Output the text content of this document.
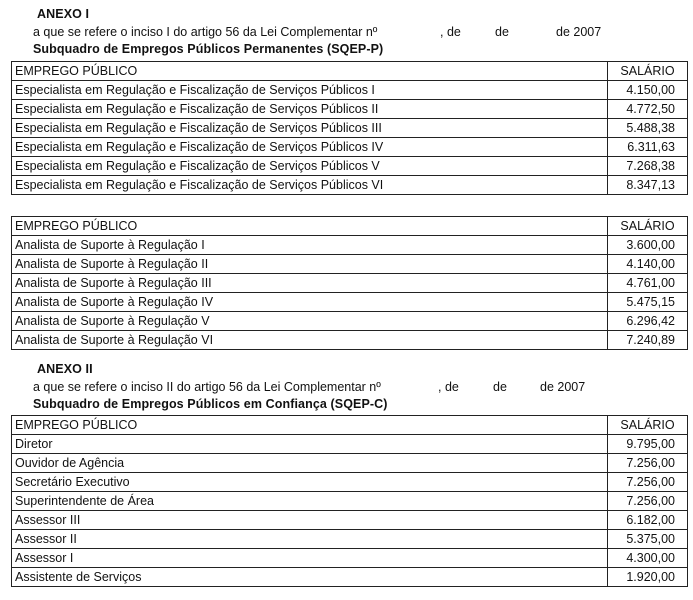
ANEXO I
a que se refere o inciso I do artigo 56 da Lei Complementar nº	, de	de	de 2007
Subquadro de Empregos Públicos Permanentes (SQEP-P)
EMPREGO PÚBLICO	SALÁRIO
Especialista em Regulação e Fiscalização de Serviços Públicos I	4.150,00
Especialista em Regulação e Fiscalização de Serviços Públicos II	4.772,50
Especialista em Regulação e Fiscalização de Serviços Públicos III	5.488,38
Especialista em Regulação e Fiscalização de Serviços Públicos IV	6.311,63
Especialista em Regulação e Fiscalização de Serviços Públicos V	7.268,38
Especialista em Regulação e Fiscalização de Serviços Públicos VI	8.347,13
EMPREGO PÚBLICO	SALÁRIO
Analista de Suporte à Regulação I	3.600,00
Analista de Suporte à Regulação II	4.140,00
Analista de Suporte à Regulação III	4.761,00
Analista de Suporte à Regulação IV	5.475,15
Analista de Suporte à Regulação V	6.296,42
Analista de Suporte à Regulação VI	7.240,89
ANEXO II
a que se refere o inciso II do artigo 56 da Lei Complementar nº	, de	de	de 2007
Subquadro de Empregos Públicos em Confiança (SQEP-C)
EMPREGO PÚBLICO	SALÁRIO
Diretor	9.795,00
Ouvidor de Agência	7.256,00
Secretário Executivo	7.256,00
Superintendente de Área	7.256,00
Assessor III	6.182,00
Assessor II	5.375,00
Assessor I	4.300,00
Assistente de Serviços	1.920,00
